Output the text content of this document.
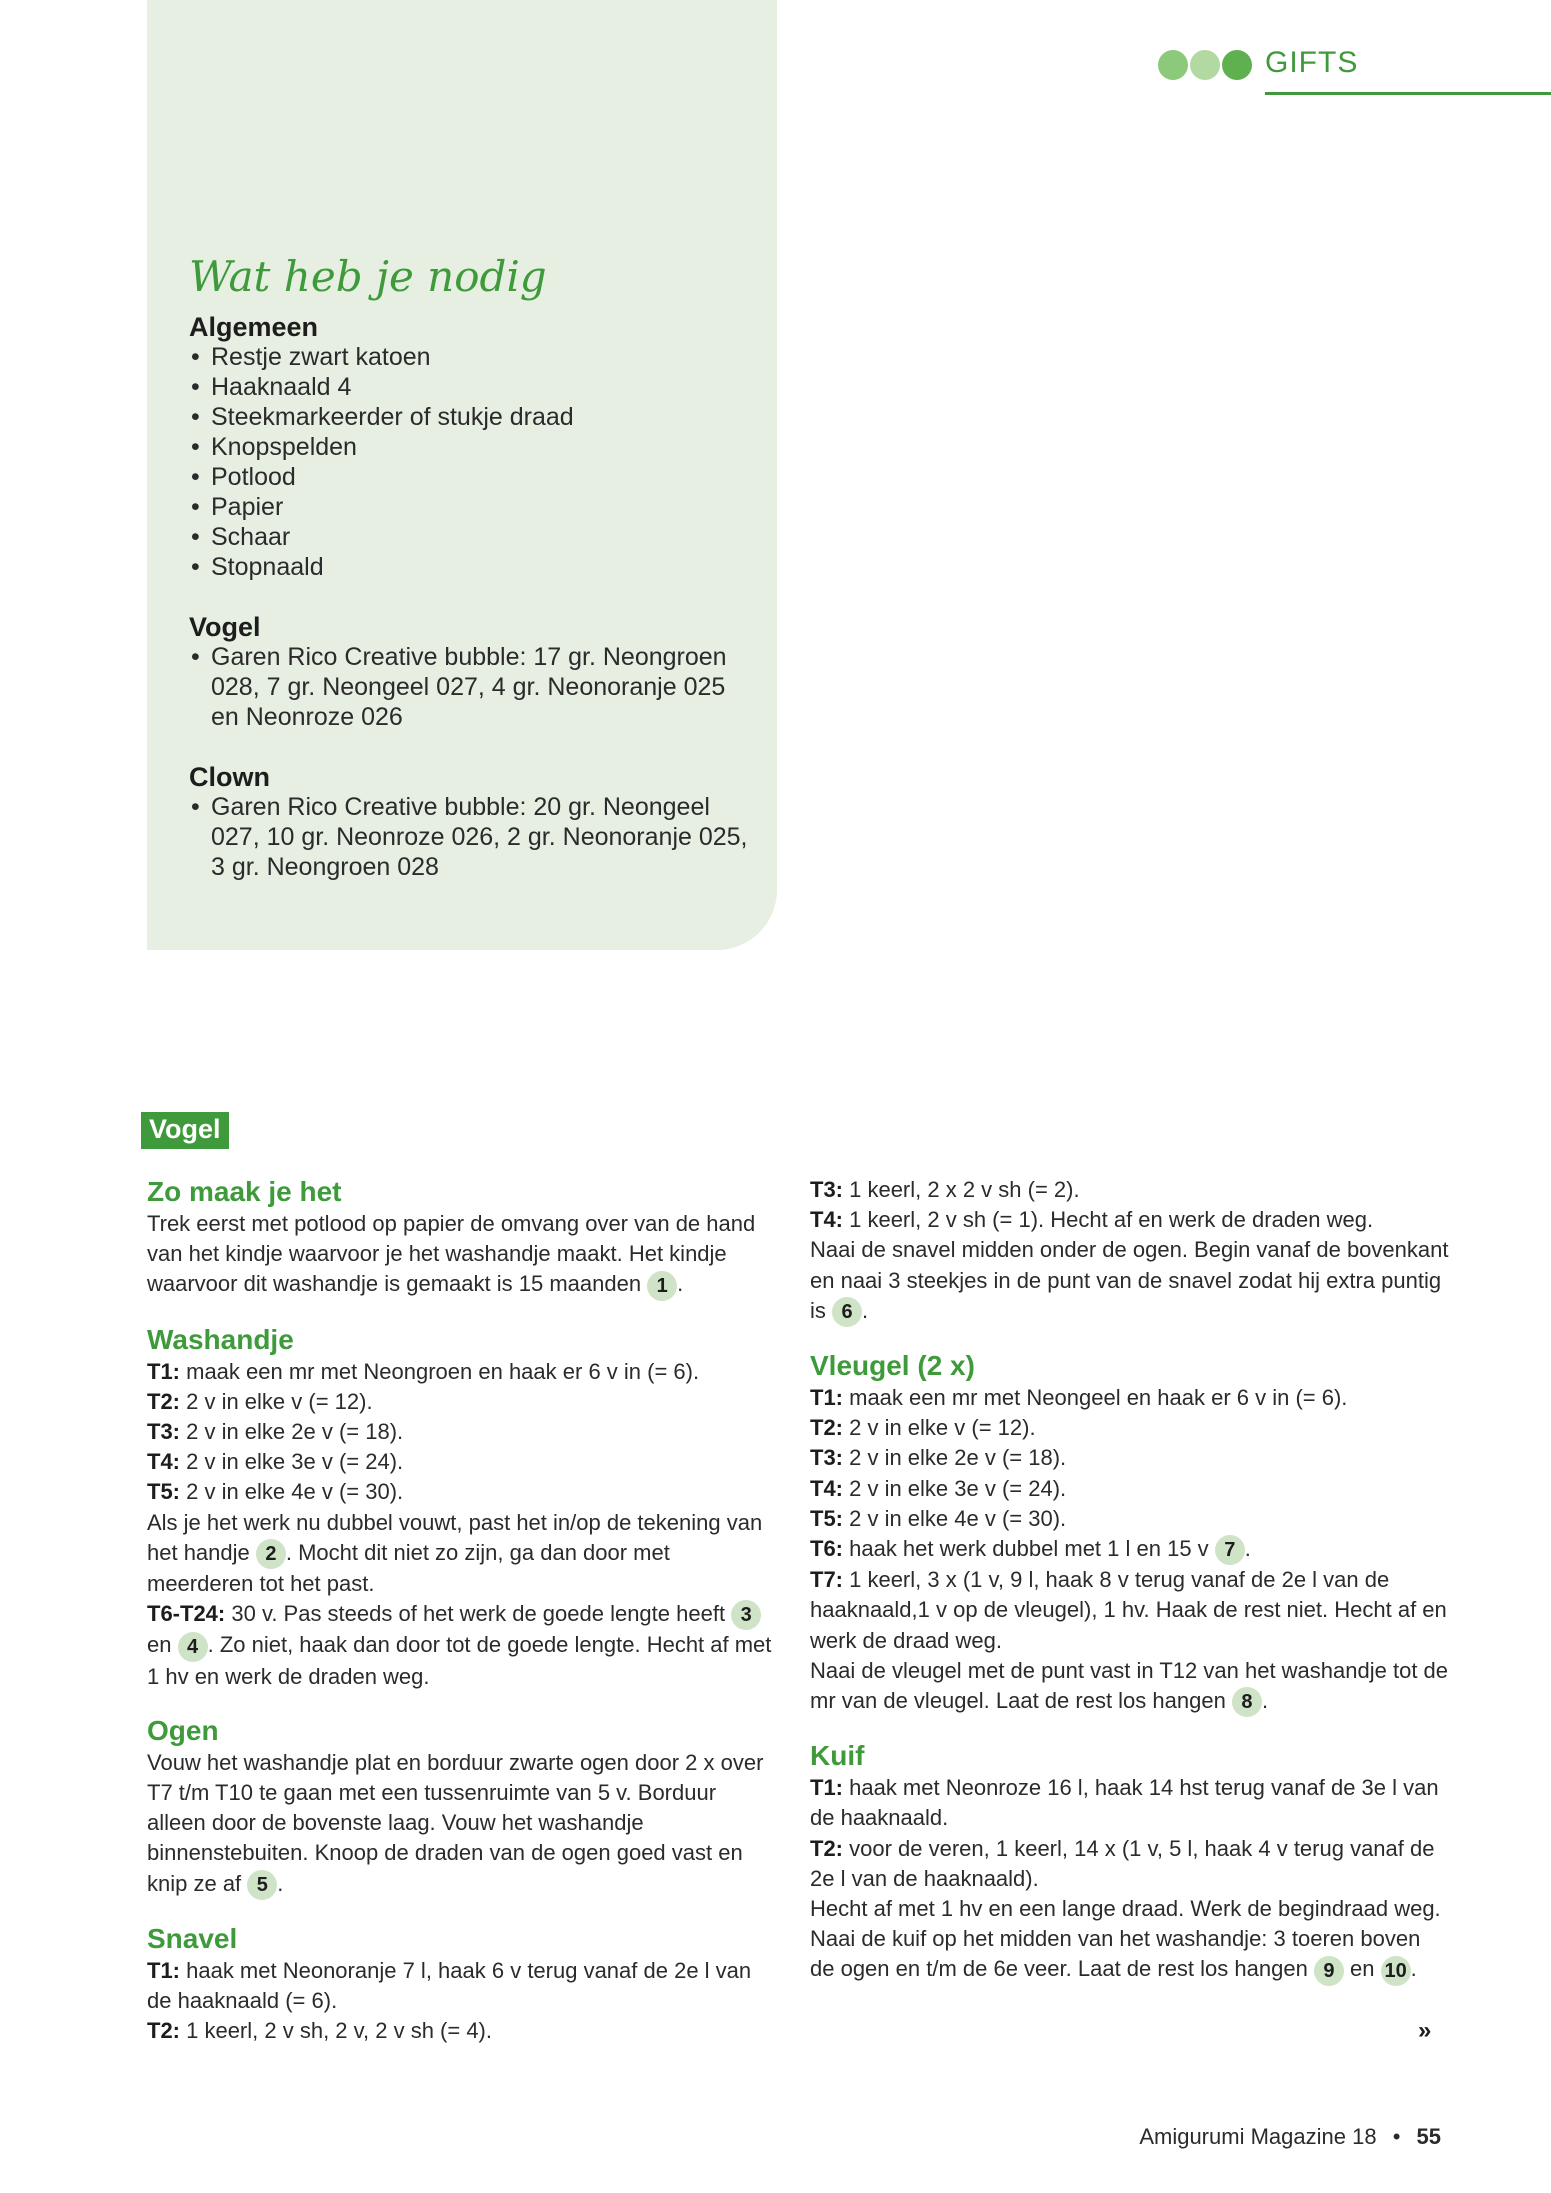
GIFTS
Wat heb je nodig
Algemeen
• Restje zwart katoen
• Haaknaald 4
• Steekmarkeerder of stukje draad
• Knopspelden
• Potlood
• Papier
• Schaar
• Stopnaald
Vogel
• Garen Rico Creative bubble: 17 gr. Neongroen 028, 7 gr. Neongeel 027, 4 gr. Neonoranje 025 en Neonroze 026
Clown
• Garen Rico Creative bubble: 20 gr. Neongeel 027, 10 gr. Neonroze 026, 2 gr. Neonoranje 025, 3 gr. Neongroen 028
Vogel
Zo maak je het

Trek eerst met potlood op papier de omvang over van de hand van het kindje waarvoor je het washandje maakt. Het kindje waarvoor dit washandje is gemaakt is 15 maanden 1 .

Washandje

T1: maak een mr met Neongroen en haak er 6 v in (= 6).

T2: 2 v in elke v (= 12).

T3: 2 v in elke 2e v (= 18).

T4: 2 v in elke 3e v (= 24).

T5: 2 v in elke 4e v (= 30).

Als je het werk nu dubbel vouwt, past het in/op de tekening van het handje 2 . Mocht dit niet zo zijn, ga dan door met meerderen tot het past.

T6-T24: 30 v. Pas steeds of het werk de goede lengte heeft 3 en 4 . Zo niet, haak dan door tot de goede lengte. Hecht af met 1 hv en werk de draden weg.

Ogen

Vouw het washandje plat en borduur zwarte ogen door 2 x over T7 t/m T10 te gaan met een tussenruimte van 5 v. Borduur alleen door de bovenste laag. Vouw het washandje binnenstebuiten. Knoop de draden van de ogen goed vast en knip ze af 5 .

Snavel

T1: haak met Neonoranje 7 l, haak 6 v terug vanaf de 2e l van de haaknaald (= 6).

T2: 1 keerl, 2 v sh, 2 v, 2 v sh (= 4).

T3: 1 keerl, 2 x 2 v sh (= 2).

T4: 1 keerl, 2 v sh (= 1). Hecht af en werk de draden weg.

Naai de snavel midden onder de ogen. Begin vanaf de bovenkant en naai 3 steekjes in de punt van de snavel zodat hij extra puntig is 6 .

Vleugel (2 x)

T1: maak een mr met Neongeel en haak er 6 v in (= 6).

T2: 2 v in elke v (= 12).

T3: 2 v in elke 2e v (= 18).

T4: 2 v in elke 3e v (= 24).

T5: 2 v in elke 4e v (= 30).

T6: haak het werk dubbel met 1 l en 15 v 7 .

T7: 1 keerl, 3 x (1 v, 9 l, haak 8 v terug vanaf de 2e l van de haaknaald,1 v op de vleugel), 1 hv. Haak de rest niet. Hecht af en werk de draad weg.

Naai de vleugel met de punt vast in T12 van het washandje tot de mr van de vleugel. Laat de rest los hangen 8 .

Kuif

T1: haak met Neonroze 16 l, haak 14 hst terug vanaf de 3e l van de haaknaald.

T2: voor de veren, 1 keerl, 14 x (1 v, 5 l, haak 4 v terug vanaf de 2e l van de haaknaald).

Hecht af met 1 hv en een lange draad. Werk de begindraad weg.

Naai de kuif op het midden van het washandje: 3 toeren boven de ogen en t/m de 6e veer. Laat de rest los hangen 9 en 10 .

»
Amigurumi Magazine 18 • 55
